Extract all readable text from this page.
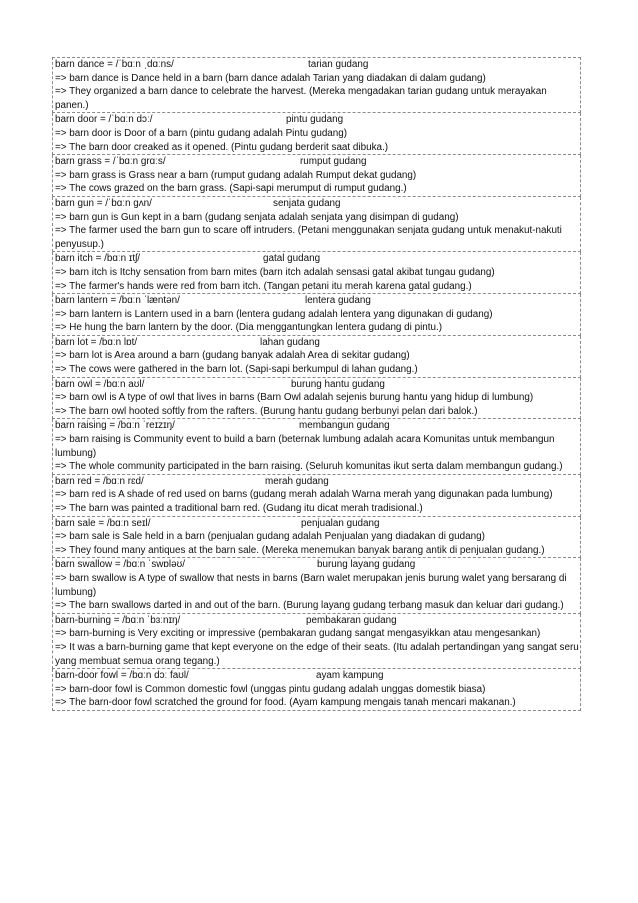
barn dance = /ˈbɑːn ˌdɑːns/	tarian gudang
=> barn dance is Dance held in a barn (barn dance adalah Tarian yang diadakan di dalam gudang)
=> They organized a barn dance to celebrate the harvest. (Mereka mengadakan tarian gudang untuk merayakan panen.)
barn door = /ˈbɑːn dɔː/	pintu gudang
=> barn door is Door of a barn (pintu gudang adalah Pintu gudang)
=> The barn door creaked as it opened. (Pintu gudang berderit saat dibuka.)
barn grass = /ˈbɑːn ɡrɑːs/	rumput gudang
=> barn grass is Grass near a barn (rumput gudang adalah Rumput dekat gudang)
=> The cows grazed on the barn grass. (Sapi-sapi merumput di rumput gudang.)
barn gun = /ˈbɑːn ɡʌn/	senjata gudang
=> barn gun is Gun kept in a barn (gudang senjata adalah senjata yang disimpan di gudang)
=> The farmer used the barn gun to scare off intruders. (Petani menggunakan senjata gudang untuk menakut-nakuti penyusup.)
barn itch = /bɑːn ɪtʃ/	gatal gudang
=> barn itch is Itchy sensation from barn mites (barn itch adalah sensasi gatal akibat tungau gudang)
=> The farmer's hands were red from barn itch. (Tangan petani itu merah karena gatal gudang.)
barn lantern = /bɑːn ˈlæntən/	lentera gudang
=> barn lantern is Lantern used in a barn (lentera gudang adalah lentera yang digunakan di gudang)
=> He hung the barn lantern by the door. (Dia menggantungkan lentera gudang di pintu.)
barn lot = /bɑːn lɒt/	lahan gudang
=> barn lot is Area around a barn (gudang banyak adalah Area di sekitar gudang)
=> The cows were gathered in the barn lot. (Sapi-sapi berkumpul di lahan gudang.)
barn owl = /bɑːn aʊl/	burung hantu gudang
=> barn owl is A type of owl that lives in barns (Barn Owl adalah sejenis burung hantu yang hidup di lumbung)
=> The barn owl hooted softly from the rafters. (Burung hantu gudang berbunyi pelan dari balok.)
barn raising = /bɑːn ˈreɪzɪŋ/	membangun gudang
=> barn raising is Community event to build a barn (beternak lumbung adalah acara Komunitas untuk membangun lumbung)
=> The whole community participated in the barn raising. (Seluruh komunitas ikut serta dalam membangun gudang.)
barn red = /bɑːn rɛd/	merah gudang
=> barn red is A shade of red used on barns (gudang merah adalah Warna merah yang digunakan pada lumbung)
=> The barn was painted a traditional barn red. (Gudang itu dicat merah tradisional.)
barn sale = /bɑːn seɪl/	penjualan gudang
=> barn sale is Sale held in a barn (penjualan gudang adalah Penjualan yang diadakan di gudang)
=> They found many antiques at the barn sale. (Mereka menemukan banyak barang antik di penjualan gudang.)
barn swallow = /bɑːn ˈswɒləʊ/	burung layang gudang
=> barn swallow is A type of swallow that nests in barns (Barn walet merupakan jenis burung walet yang bersarang di lumbung)
=> The barn swallows darted in and out of the barn. (Burung layang gudang terbang masuk dan keluar dari gudang.)
barn-burning = /bɑːn ˈbɜːnɪŋ/	pembakaran gudang
=> barn-burning is Very exciting or impressive (pembakaran gudang sangat mengasyikkan atau mengesankan)
=> It was a barn-burning game that kept everyone on the edge of their seats. (Itu adalah pertandingan yang sangat seru yang membuat semua orang tegang.)
barn-door fowl = /bɑːn dɔː faʊl/	ayam kampung
=> barn-door fowl is Common domestic fowl (unggas pintu gudang adalah unggas domestik biasa)
=> The barn-door fowl scratched the ground for food. (Ayam kampung mengais tanah mencari makanan.)
